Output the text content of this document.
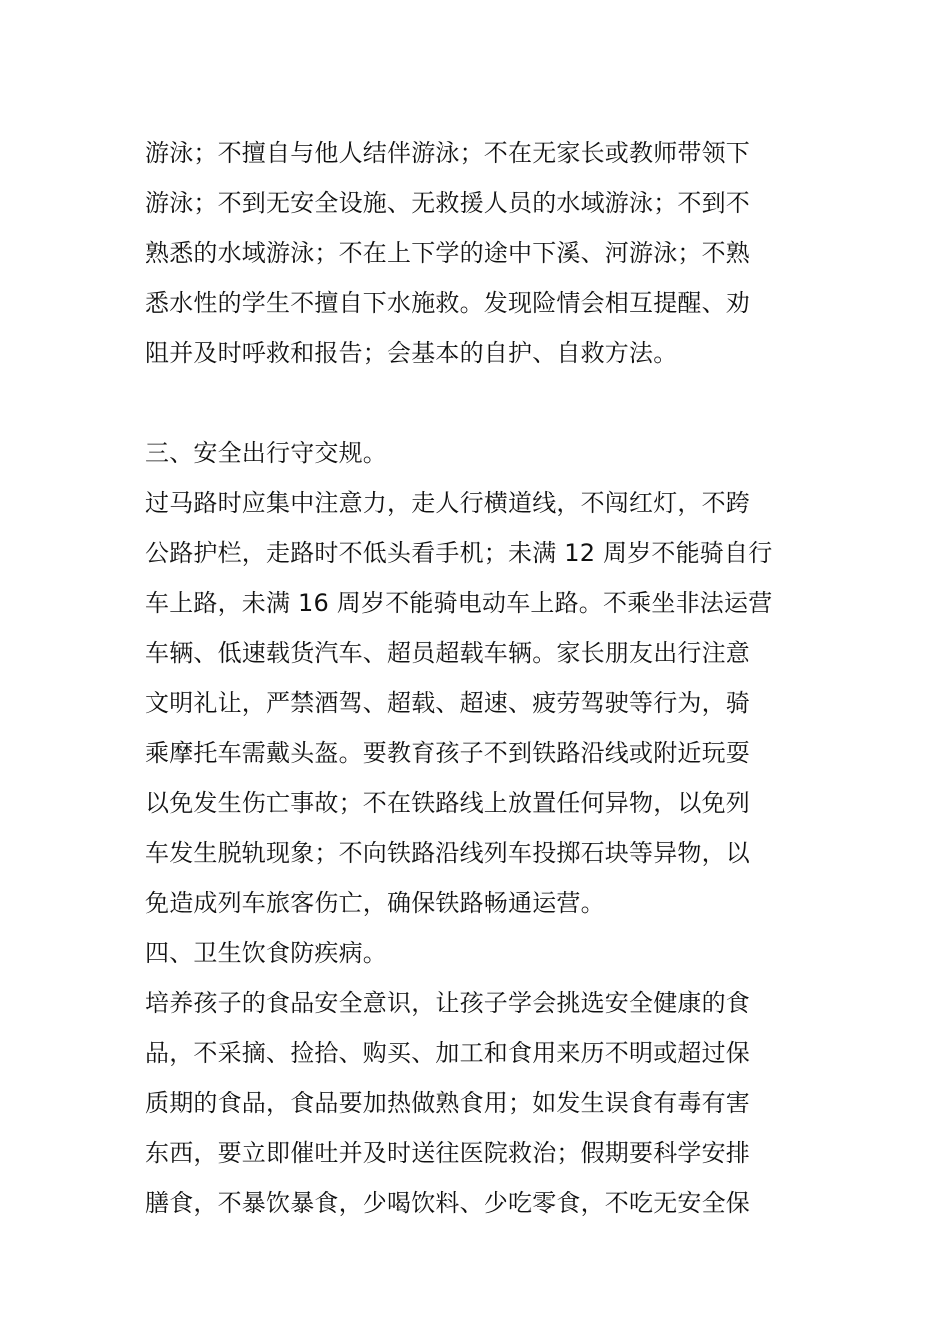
游泳；不擅自与他人结伴游泳；不在无家长或教师带领下
游泳；不到无安全设施、无救援人员的水域游泳；不到不
熟悉的水域游泳；不在上下学的途中下溪、河游泳；不熟
悉水性的学生不擅自下水施救。发现险情会相互提醒、劝
阻并及时呼救和报告；会基本的自护、自救方法。
三、安全出行守交规。
过马路时应集中注意力，走人行横道线，不闯红灯，不跨
公路护栏，走路时不低头看手机；未满 12 周岁不能骑自行
车上路，未满 16 周岁不能骑电动车上路。不乘坐非法运营
车辆、低速载货汽车、超员超载车辆。家长朋友出行注意
文明礼让，严禁酒驾、超载、超速、疲劳驾驶等行为，骑
乘摩托车需戴头盔。要教育孩子不到铁路沿线或附近玩耍
以免发生伤亡事故；不在铁路线上放置任何异物，以免列
车发生脱轨现象；不向铁路沿线列车投掷石块等异物，以
免造成列车旅客伤亡，确保铁路畅通运营。
四、卫生饮食防疾病。
培养孩子的食品安全意识，让孩子学会挑选安全健康的食
品，不采摘、捡拾、购买、加工和食用来历不明或超过保
质期的食品，食品要加热做熟食用；如发生误食有毒有害
东西，要立即催吐并及时送往医院救治；假期要科学安排
膳食，不暴饮暴食，少喝饮料、少吃零食，不吃无安全保
